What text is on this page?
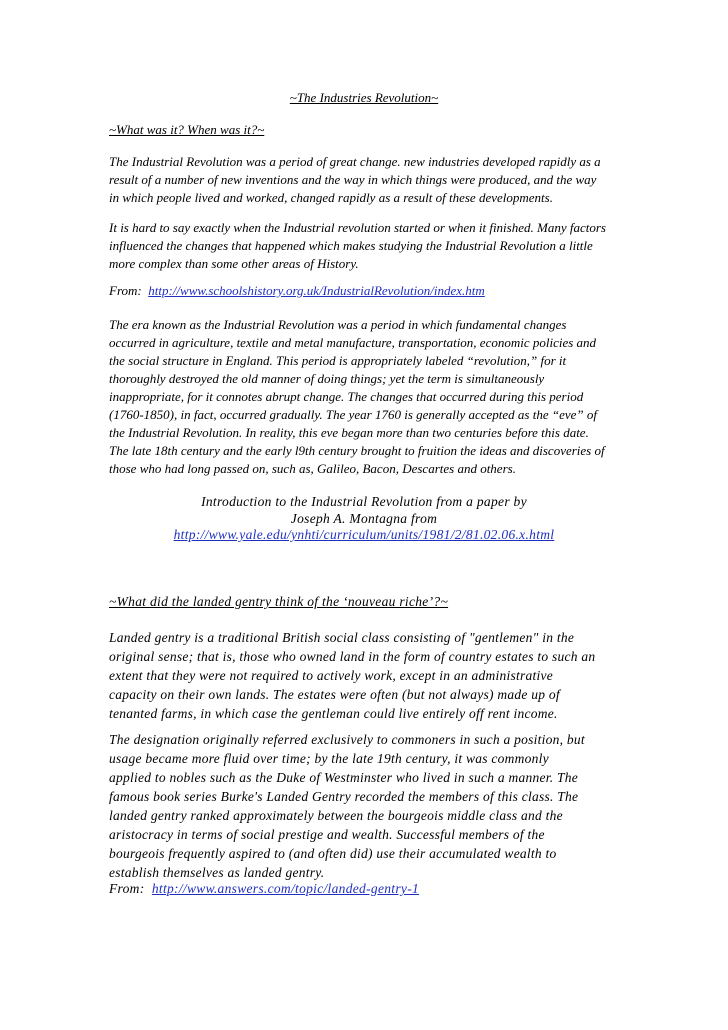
~The Industries Revolution~
~What was it? When was it?~
The Industrial Revolution was a period of great change. new industries developed rapidly as a
result of a number of new inventions and the way in which things were produced, and the way
in which people lived and worked, changed rapidly as a result of these developments.
It is hard to say exactly when the Industrial revolution started or when it finished. Many factors
influenced the changes that happened which makes studying the Industrial Revolution a little
more complex than some other areas of History.
From: http://www.schoolshistory.org.uk/IndustrialRevolution/index.htm
The era known as the Industrial Revolution was a period in which fundamental changes
occurred in agriculture, textile and metal manufacture, transportation, economic policies and
the social structure in England. This period is appropriately labeled “revolution,” for it
thoroughly destroyed the old manner of doing things; yet the term is simultaneously
inappropriate, for it connotes abrupt change. The changes that occurred during this period
(1760-1850), in fact, occurred gradually. The year 1760 is generally accepted as the “eve” of
the Industrial Revolution. In reality, this eve began more than two centuries before this date.
The late 18th century and the early l9th century brought to fruition the ideas and discoveries of
those who had long passed on, such as, Galileo, Bacon, Descartes and others.
Introduction to the Industrial Revolution from a paper by
Joseph A. Montagna from
http://www.yale.edu/ynhti/curriculum/units/1981/2/81.02.06.x.html
~What did the landed gentry think of the ‘nouveau riche’?~
Landed gentry is a traditional British social class consisting of "gentlemen" in the
original sense; that is, those who owned land in the form of country estates to such an
extent that they were not required to actively work, except in an administrative
capacity on their own lands. The estates were often (but not always) made up of
tenanted farms, in which case the gentleman could live entirely off rent income.
The designation originally referred exclusively to commoners in such a position, but
usage became more fluid over time; by the late 19th century, it was commonly
applied to nobles such as the Duke of Westminster who lived in such a manner. The
famous book series Burke's Landed Gentry recorded the members of this class. The
landed gentry ranked approximately between the bourgeois middle class and the
aristocracy in terms of social prestige and wealth. Successful members of the
bourgeois frequently aspired to (and often did) use their accumulated wealth to
establish themselves as landed gentry.
From: http://www.answers.com/topic/landed-gentry-1
